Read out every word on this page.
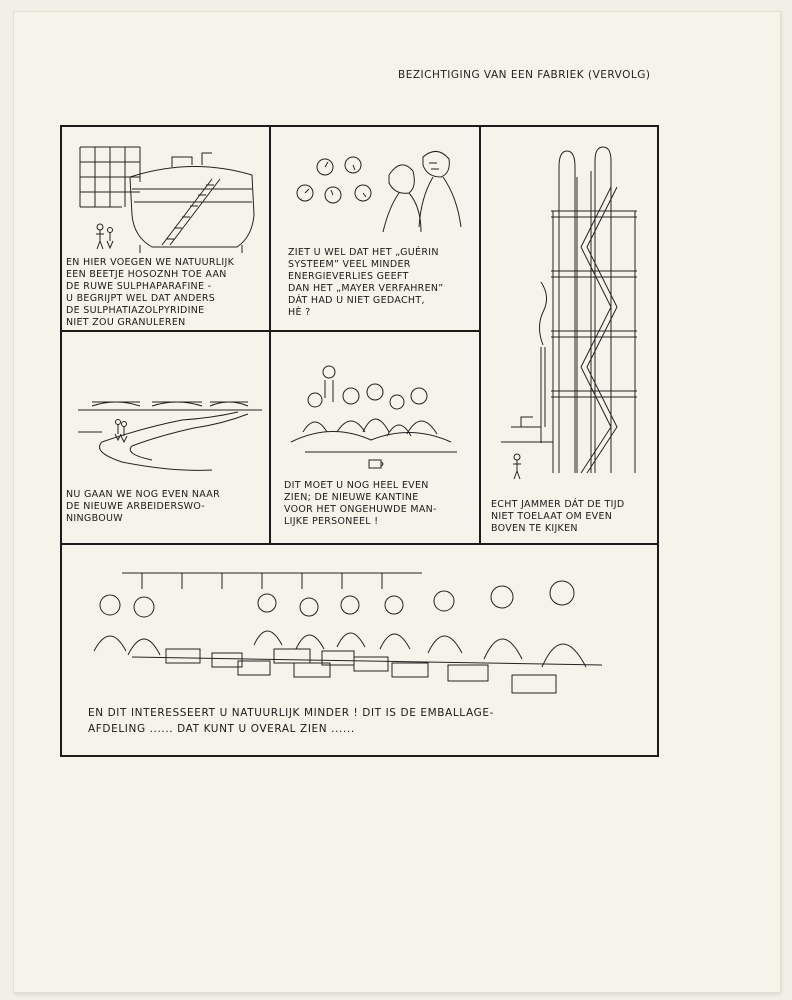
BEZICHTIGING VAN EEN FABRIEK (VERVOLG)
EN HIER VOEGEN WE NATUURLIJK
EEN BEETJE HOSOZNH TOE AAN
DE RUWE SULPHAPARAFINE -
U BEGRIJPT WEL DAT ANDERS
DE SULPHATIAZOLPYRIDINE
NIET ZOU GRANULEREN
ZIET U WEL DAT HET „GUÉRIN
SYSTEEM” VEEL MINDER
ENERGIEVERLIES GEEFT
DAN HET „MAYER VERFAHREN”
DÁT HAD U NIET GEDACHT,
HÈ ?
ECHT JAMMER DÁT DE TIJD
NIET TOELAAT OM EVEN
BOVEN TE KIJKEN
NU GAAN WE NOG EVEN NAAR
DE NIEUWE ARBEIDERSWO-
NINGBOUW
DIT MOET U NOG HEEL EVEN
ZIEN; DE NIEUWE KANTINE
VOOR HET ONGEHUWDE MAN-
LIJKE PERSONEEL !
EN DIT INTERESSEERT U NATUURLIJK MINDER ! DIT IS DE EMBALLAGE-
AFDELING ...... DAT KUNT U OVERAL ZIEN ......
